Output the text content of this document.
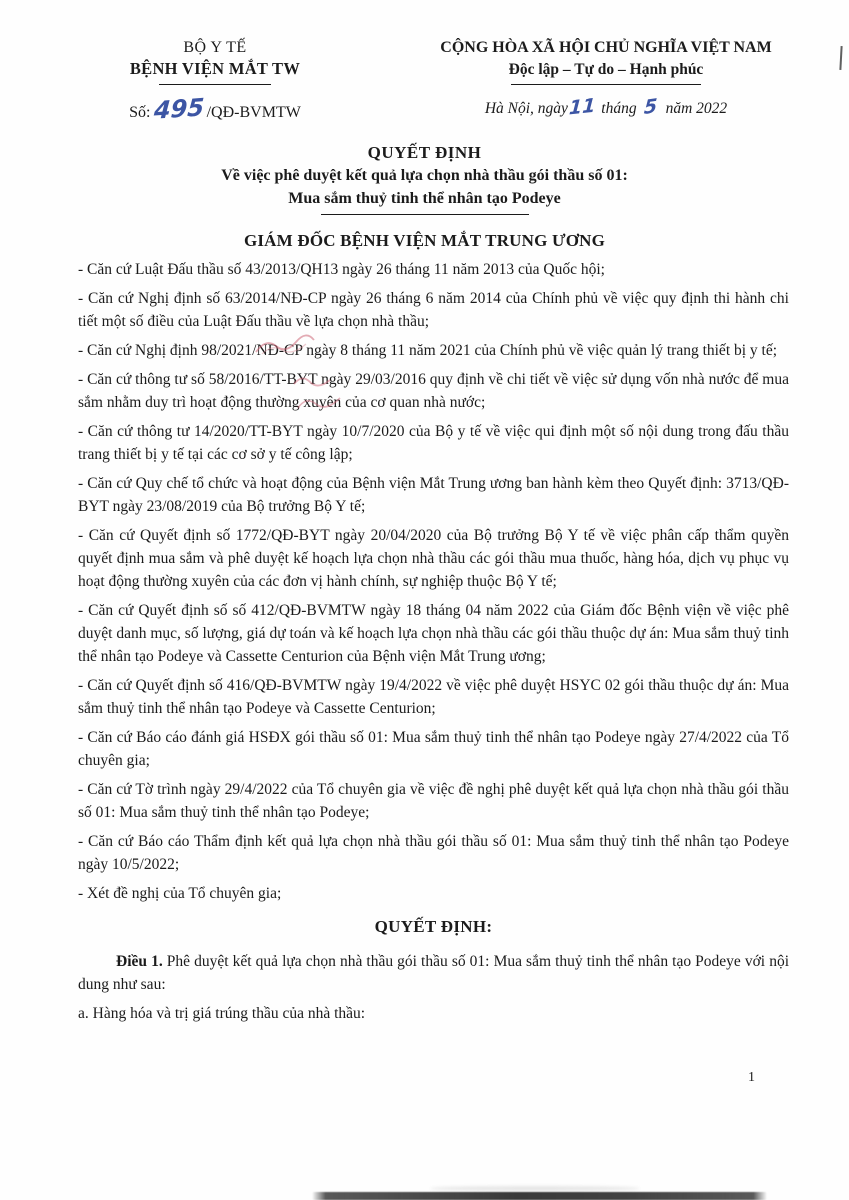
BỘ Y TẾ
BỆNH VIỆN MẮT TW
Số:495 /QĐ-BVMTW
CỘNG HÒA XÃ HỘI CHỦ NGHĨA VIỆT NAM
Độc lập – Tự do – Hạnh phúc
Hà Nội, ngày11 tháng 5 năm 2022
QUYẾT ĐỊNH
Về việc phê duyệt kết quả lựa chọn nhà thầu gói thầu số 01:
Mua sắm thuỷ tinh thể nhân tạo Podeye
GIÁM ĐỐC BỆNH VIỆN MẮT TRUNG ƯƠNG

- Căn cứ Luật Đấu thầu số 43/2013/QH13 ngày 26 tháng 11 năm 2013 của Quốc hội;

- Căn cứ Nghị định số 63/2014/NĐ-CP ngày 26 tháng 6 năm 2014 của Chính phủ về việc quy định thi hành chi tiết một số điều của Luật Đấu thầu về lựa chọn nhà thầu;

- Căn cứ Nghị định 98/2021/NĐ-CP ngày 8 tháng 11 năm 2021 của Chính phủ về việc quản lý trang thiết bị y tế;

- Căn cứ thông tư số 58/2016/TT-BYT ngày 29/03/2016 quy định về chi tiết về việc sử dụng vốn nhà nước để mua sắm nhằm duy trì hoạt động thường xuyên của cơ quan nhà nước;

- Căn cứ thông tư 14/2020/TT-BYT ngày 10/7/2020 của Bộ y tế về việc qui định một số nội dung trong đấu thầu trang thiết bị y tế tại các cơ sở y tế công lập;

- Căn cứ Quy chế tổ chức và hoạt động của Bệnh viện Mắt Trung ương ban hành kèm theo Quyết định: 3713/QĐ-BYT ngày 23/08/2019 của Bộ trưởng Bộ Y tế;

- Căn cứ Quyết định số 1772/QĐ-BYT ngày 20/04/2020 của Bộ trưởng Bộ Y tế về việc phân cấp thẩm quyền quyết định mua sắm và phê duyệt kế hoạch lựa chọn nhà thầu các gói thầu mua thuốc, hàng hóa, dịch vụ phục vụ hoạt động thường xuyên của các đơn vị hành chính, sự nghiệp thuộc Bộ Y tế;

- Căn cứ Quyết định số số 412/QĐ-BVMTW ngày 18 tháng 04 năm 2022 của Giám đốc Bệnh viện về việc phê duyệt danh mục, số lượng, giá dự toán và kế hoạch lựa chọn nhà thầu các gói thầu thuộc dự án: Mua sắm thuỷ tinh thể nhân tạo Podeye và Cassette Centurion của Bệnh viện Mắt Trung ương;

- Căn cứ Quyết định số 416/QĐ-BVMTW ngày 19/4/2022 về việc phê duyệt HSYC 02 gói thầu thuộc dự án: Mua sắm thuỷ tinh thể nhân tạo Podeye và Cassette Centurion;

- Căn cứ Báo cáo đánh giá HSĐX gói thầu số 01: Mua sắm thuỷ tinh thể nhân tạo Podeye ngày 27/4/2022 của Tổ chuyên gia;

- Căn cứ Tờ trình ngày 29/4/2022 của Tổ chuyên gia về việc đề nghị phê duyệt kết quả lựa chọn nhà thầu gói thầu số 01: Mua sắm thuỷ tinh thể nhân tạo Podeye;

- Căn cứ Báo cáo Thẩm định kết quả lựa chọn nhà thầu gói thầu số 01: Mua sắm thuỷ tinh thể nhân tạo Podeye ngày 10/5/2022;

- Xét đề nghị của Tổ chuyên gia;

QUYẾT ĐỊNH:

Điều 1. Phê duyệt kết quả lựa chọn nhà thầu gói thầu số 01: Mua sắm thuỷ tinh thể nhân tạo Podeye với nội dung như sau:

a. Hàng hóa và trị giá trúng thầu của nhà thầu:

1
